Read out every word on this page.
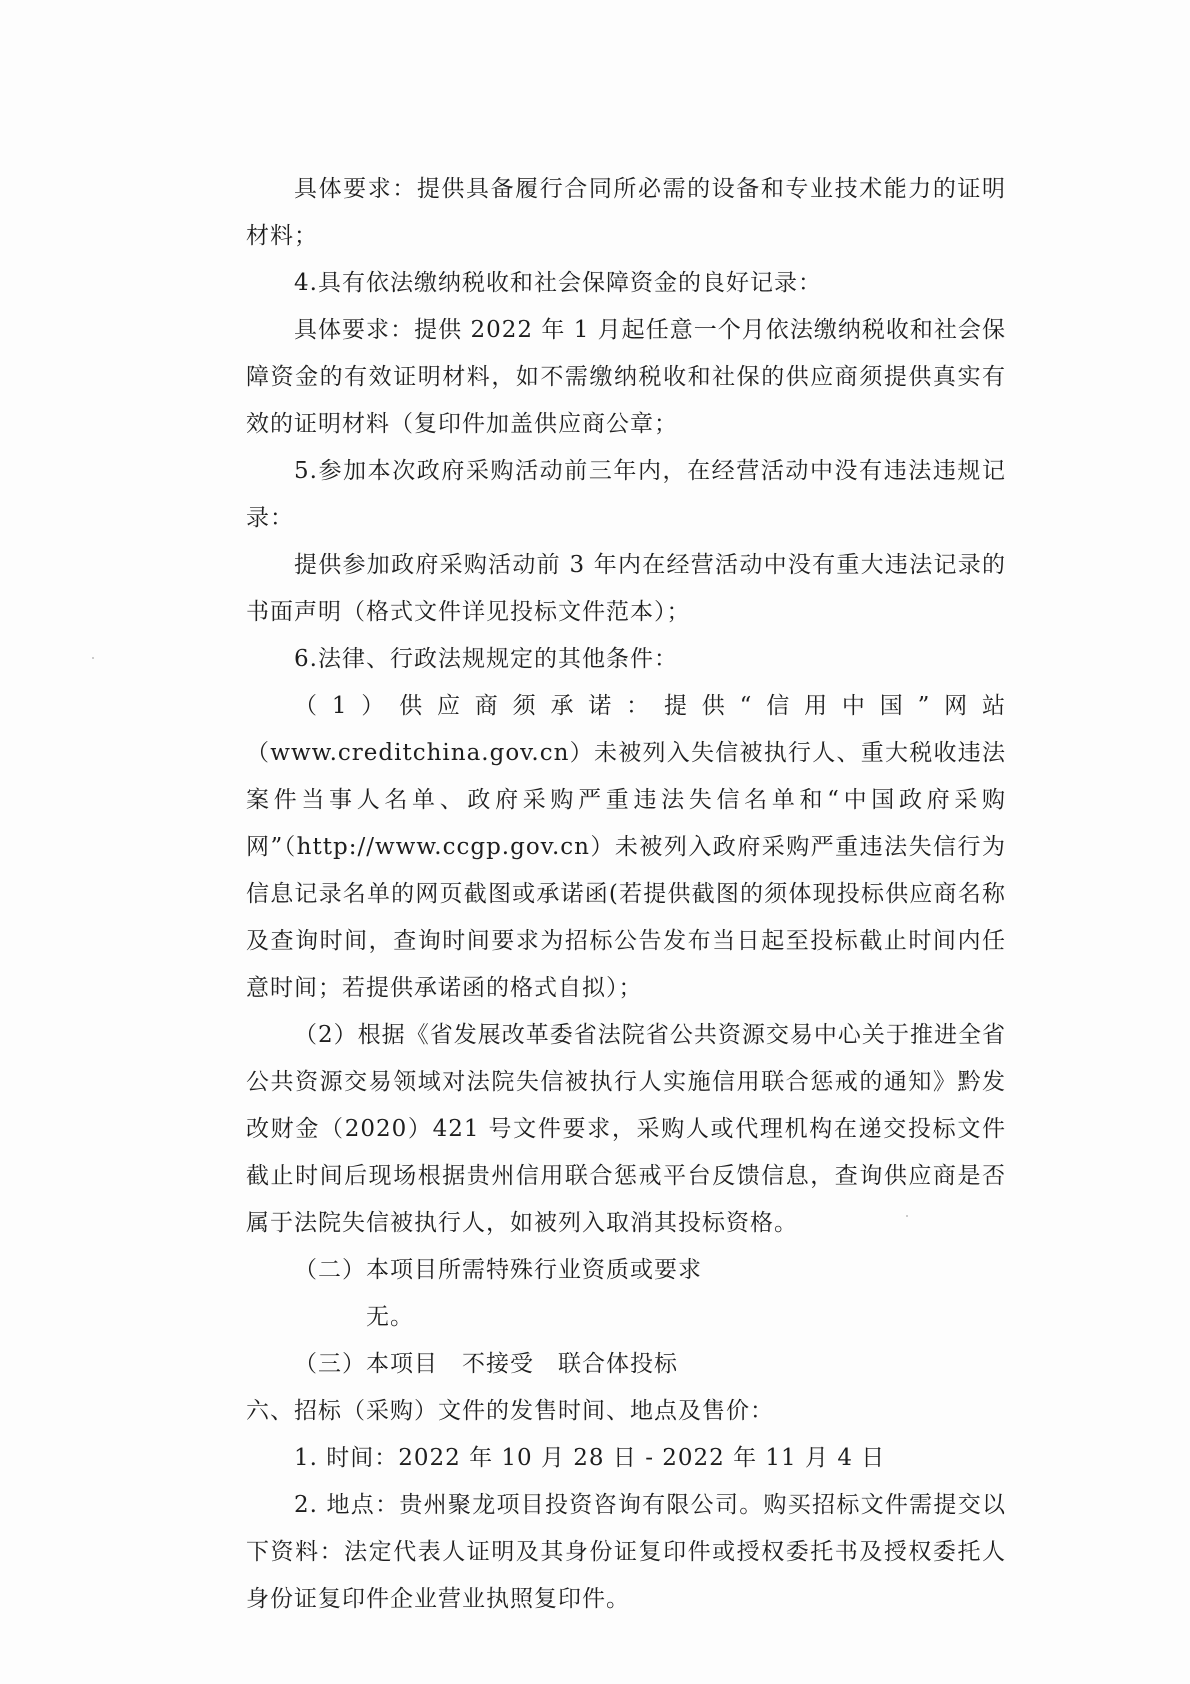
具体要求：提供具备履行合同所必需的设备和专业技术能力的证明材料；

4.具有依法缴纳税收和社会保障资金的良好记录：

具体要求：提供 2022 年 1 月起任意一个月依法缴纳税收和社会保障资金的有效证明材料，如不需缴纳税收和社保的供应商须提供真实有效的证明材料（复印件加盖供应商公章；

5.参加本次政府采购活动前三年内，在经营活动中没有违法违规记录：

提供参加政府采购活动前 3 年内在经营活动中没有重大违法记录的书面声明（格式文件详见投标文件范本）；

6.法律、行政法规规定的其他条件：

（1）供应商须承诺：提供“信用中国”网站（www.creditchina.gov.cn）未被列入失信被执行人、重大税收违法案件当事人名单、政府采购严重违法失信名单和“中国政府采购网”（http://www.ccgp.gov.cn）未被列入政府采购严重违法失信行为信息记录名单的网页截图或承诺函(若提供截图的须体现投标供应商名称及查询时间，查询时间要求为招标公告发布当日起至投标截止时间内任意时间；若提供承诺函的格式自拟）；

（2）根据《省发展改革委省法院省公共资源交易中心关于推进全省公共资源交易领域对法院失信被执行人实施信用联合惩戒的通知》黔发改财金（2020）421 号文件要求，采购人或代理机构在递交投标文件截止时间后现场根据贵州信用联合惩戒平台反馈信息，查询供应商是否属于法院失信被执行人，如被列入取消其投标资格。

（二）本项目所需特殊行业资质或要求

无。

（三）本项目　不接受　联合体投标

六、招标（采购）文件的发售时间、地点及售价：

1. 时间：2022 年 10 月 28 日 - 2022 年 11 月 4 日

2. 地点：贵州聚龙项目投资咨询有限公司。购买招标文件需提交以下资料：法定代表人证明及其身份证复印件或授权委托书及授权委托人身份证复印件企业营业执照复印件。
